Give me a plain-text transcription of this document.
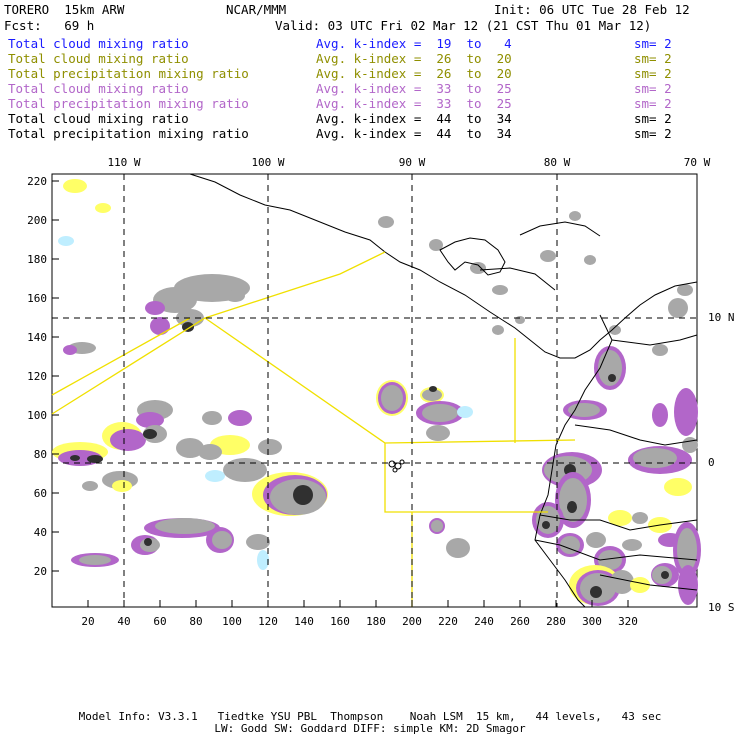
TORERO  15km ARW	NCAR/MMM	Init: 06 UTC Tue 28 Feb 12
Fcst:   69 h	Valid: 03 UTC Fri 02 Mar 12 (21 CST Thu 01 Mar 12)
Total cloud mixing ratio	Avg. k-index =  19  to   4	sm= 2
Total cloud mixing ratio	Avg. k-index =  26  to  20	sm= 2
Total precipitation mixing ratio	Avg. k-index =  26  to  20	sm= 2
Total cloud mixing ratio	Avg. k-index =  33  to  25	sm= 2
Total precipitation mixing ratio	Avg. k-index =  33  to  25	sm= 2
Total cloud mixing ratio	Avg. k-index =  44  to  34	sm= 2
Total precipitation mixing ratio	Avg. k-index =  44  to  34	sm= 2
20 40 60 80 100 120 140 160 180 200 220 240 260 280 300 320
220
200
180
160
140
120
100
80
60
40
20
110 W	100 W	90 W	80 W	70 W
10 N
0
10 S
Model Info: V3.3.1   Tiedtke YSU PBL  Thompson    Noah LSM  15 km,   44 levels,   43 sec
LW: Godd SW: Goddard DIFF: simple KM: 2D Smagor
